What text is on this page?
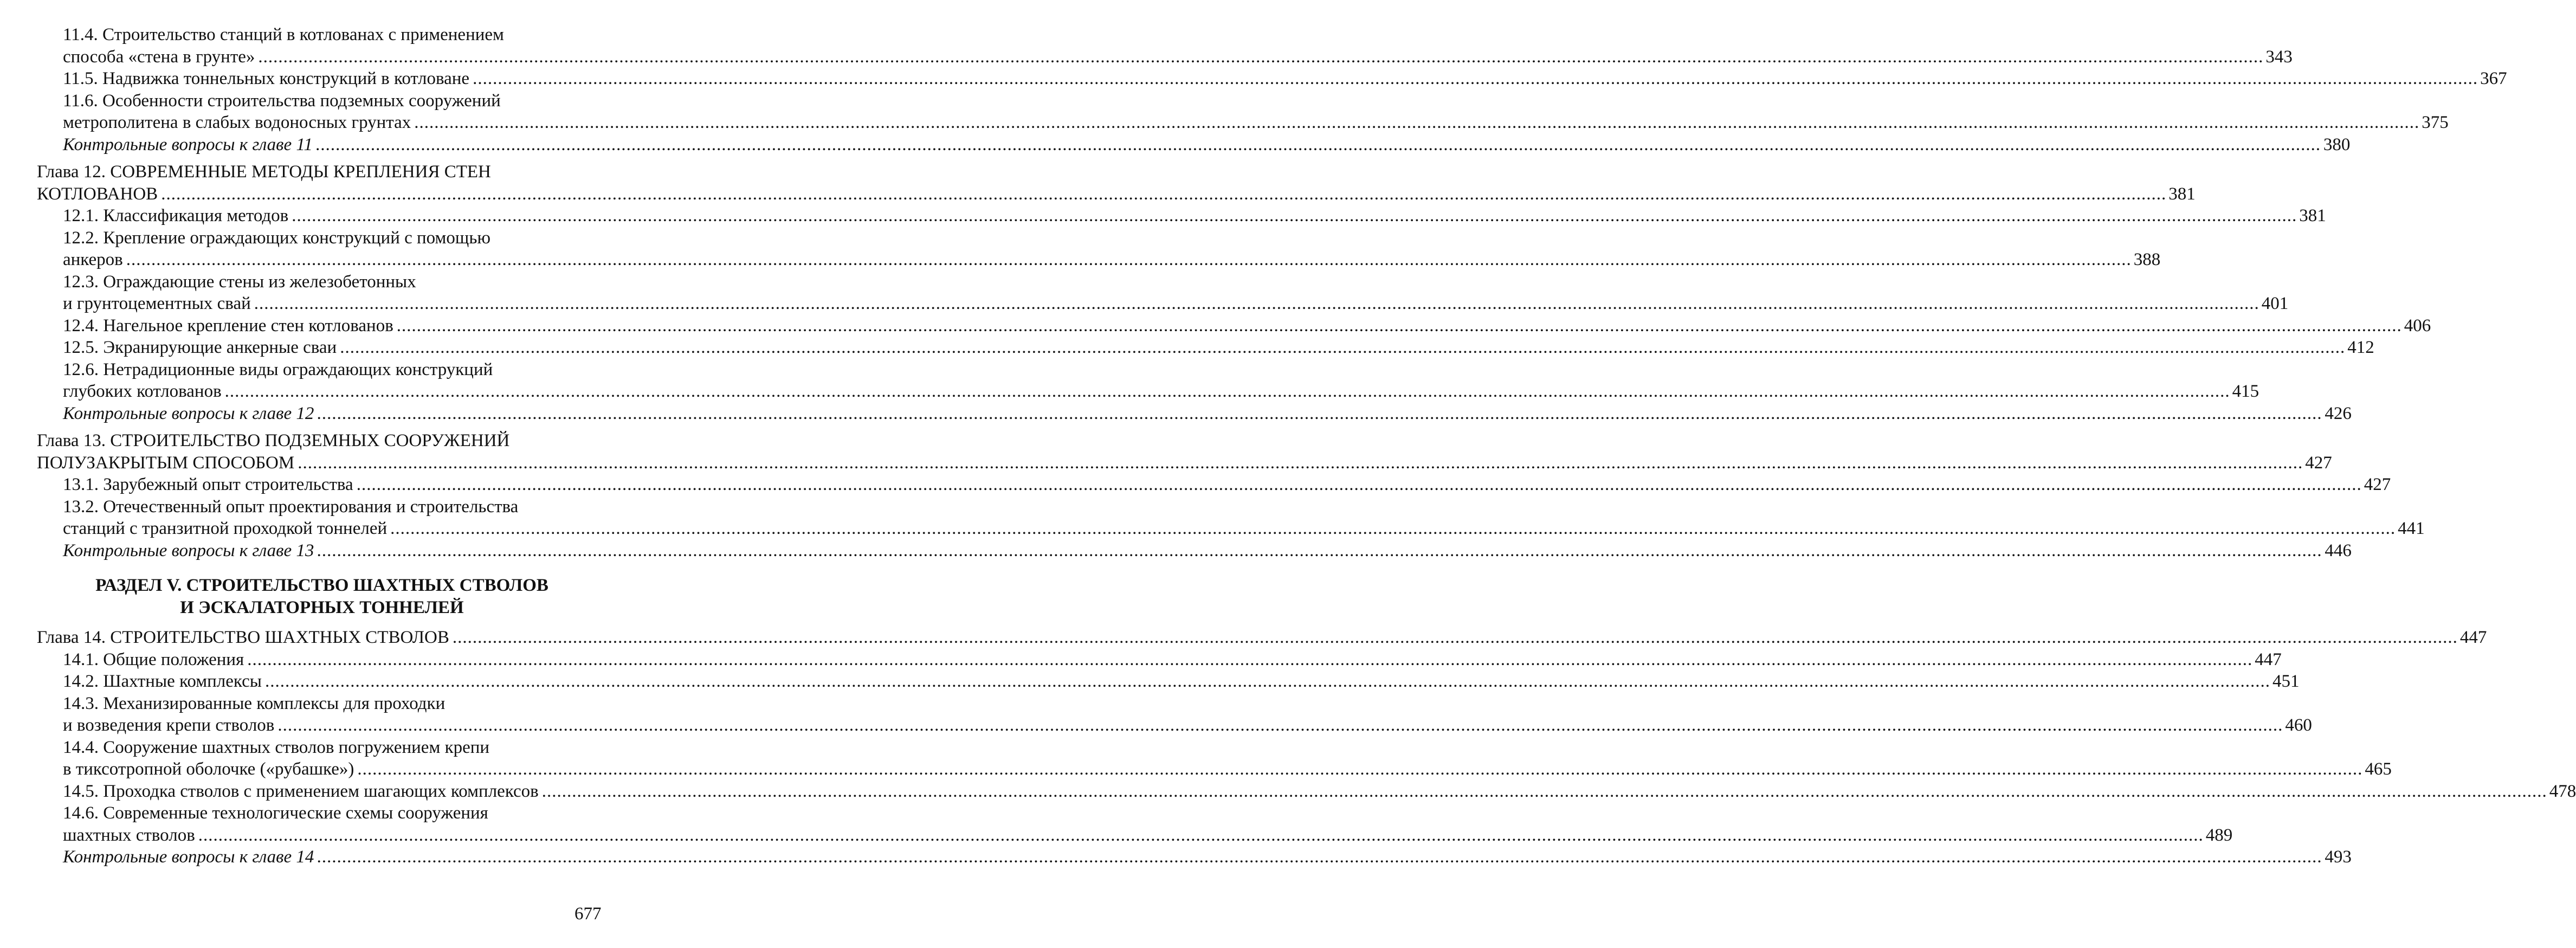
11.4. Строительство станций в котлованах с применением
способа «стена в грунте» ................................................................................................................................................................................................................................................................................................................................................................................................................ 343
11.5. Надвижка тоннельных конструкций в котловане ................................................................................................................................................................................................................................................................................................................................................................................................................ 367
11.6. Особенности строительства подземных сооружений
метрополитена в слабых водоносных грунтах ................................................................................................................................................................................................................................................................................................................................................................................................................ 375
Контрольные вопросы к главе 11 ................................................................................................................................................................................................................................................................................................................................................................................................................ 380
Глава 12. СОВРЕМЕННЫЕ МЕТОДЫ КРЕПЛЕНИЯ СТЕН
КОТЛОВАНОВ ................................................................................................................................................................................................................................................................................................................................................................................................................ 381
12.1. Классификация методов ................................................................................................................................................................................................................................................................................................................................................................................................................ 381
12.2. Крепление ограждающих конструкций с помощью
анкеров ................................................................................................................................................................................................................................................................................................................................................................................................................ 388
12.3. Ограждающие стены из железобетонных
и грунтоцементных свай ................................................................................................................................................................................................................................................................................................................................................................................................................ 401
12.4. Нагельное крепление стен котлованов ................................................................................................................................................................................................................................................................................................................................................................................................................ 406
12.5. Экранирующие анкерные сваи ................................................................................................................................................................................................................................................................................................................................................................................................................ 412
12.6. Нетрадиционные виды ограждающих конструкций
глубоких котлованов ................................................................................................................................................................................................................................................................................................................................................................................................................ 415
Контрольные вопросы к главе 12 ................................................................................................................................................................................................................................................................................................................................................................................................................ 426
Глава 13. СТРОИТЕЛЬСТВО ПОДЗЕМНЫХ СООРУЖЕНИЙ
ПОЛУЗАКРЫТЫМ СПОСОБОМ ................................................................................................................................................................................................................................................................................................................................................................................................................ 427
13.1. Зарубежный опыт строительства ................................................................................................................................................................................................................................................................................................................................................................................................................ 427
13.2. Отечественный опыт проектирования и строительства
станций с транзитной проходкой тоннелей ................................................................................................................................................................................................................................................................................................................................................................................................................ 441
Контрольные вопросы к главе 13 ................................................................................................................................................................................................................................................................................................................................................................................................................ 446
РАЗДЕЛ V. СТРОИТЕЛЬСТВО ШАХТНЫХ СТВОЛОВ
И ЭСКАЛАТОРНЫХ ТОННЕЛЕЙ
Глава 14. СТРОИТЕЛЬСТВО ШАХТНЫХ СТВОЛОВ ................................................................................................................................................................................................................................................................................................................................................................................................................ 447
14.1. Общие положения ................................................................................................................................................................................................................................................................................................................................................................................................................ 447
14.2. Шахтные комплексы ................................................................................................................................................................................................................................................................................................................................................................................................................ 451
14.3. Механизированные комплексы для проходки
и возведения крепи стволов ................................................................................................................................................................................................................................................................................................................................................................................................................ 460
14.4. Сооружение шахтных стволов погружением крепи
в тиксотропной оболочке («рубашке») ................................................................................................................................................................................................................................................................................................................................................................................................................ 465
14.5. Проходка стволов с применением шагающих комплексов ................................................................................................................................................................................................................................................................................................................................................................................................................ 478
14.6. Современные технологические схемы сооружения
шахтных стволов ................................................................................................................................................................................................................................................................................................................................................................................................................ 489
Контрольные вопросы к главе 14 ................................................................................................................................................................................................................................................................................................................................................................................................................ 493
677
